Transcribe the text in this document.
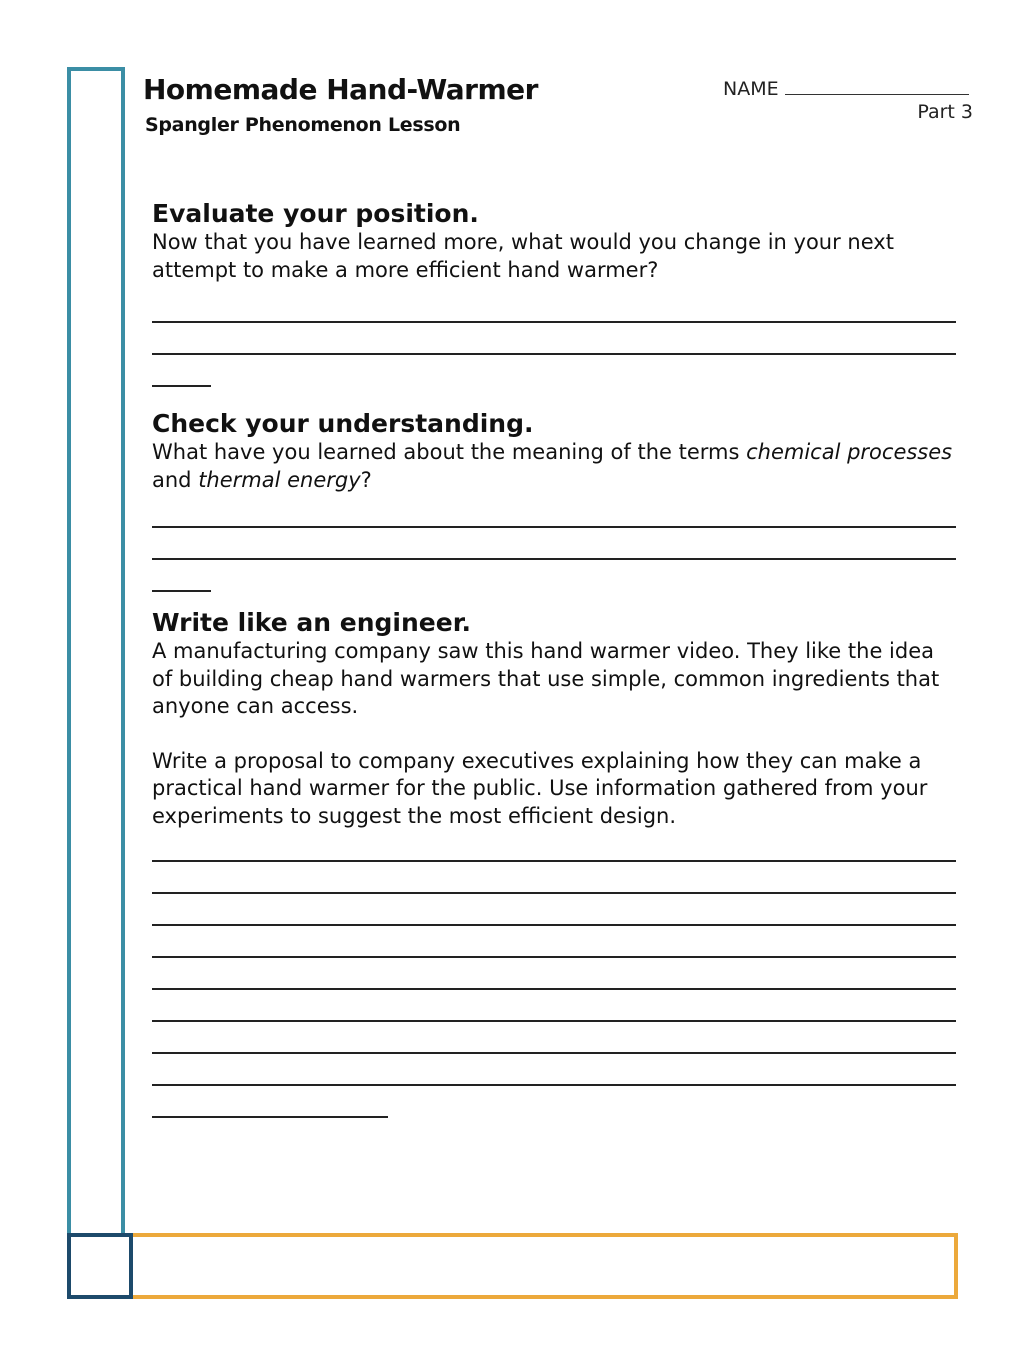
Homemade Hand-Warmer
Spangler Phenomenon Lesson
NAME
Part 3
Evaluate your position.

Now that you have learned more, what would you change in your next attempt to make a more efficient hand warmer?

Check your understanding.

What have you learned about the meaning of the terms chemical processes and thermal energy?

Write like an engineer.

A manufacturing company saw this hand warmer video. They like the idea of building cheap hand warmers that use simple, common ingredients that anyone can access.

Write a proposal to company executives explaining how they can make a practical hand warmer for the public. Use information gathered from your experiments to suggest the most efficient design.
